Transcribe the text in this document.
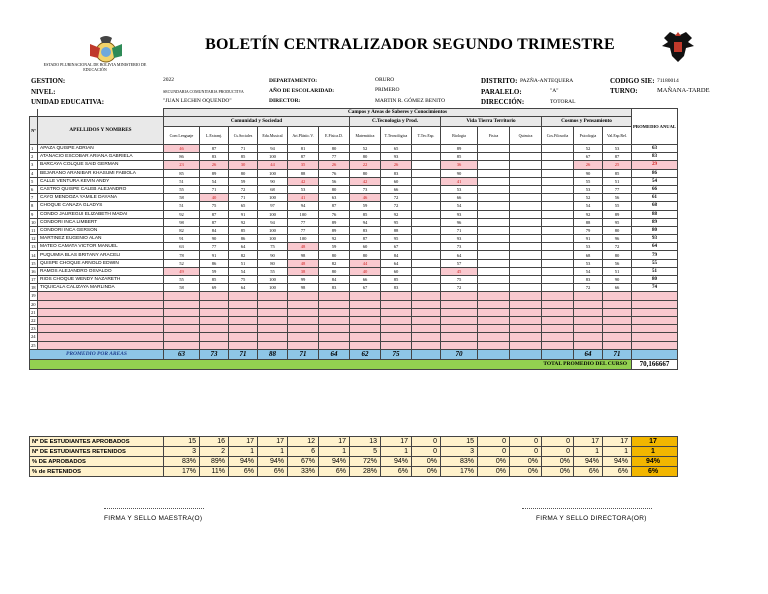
ESTADO PLURINACIONAL DE BOLIVIA MINISTERIO DE EDUCACIÓN
BOLETÍN CENTRALIZADOR SEGUNDO TRIMESTRE
GESTION:	2022
NIVEL:	SECUNDARIA COMUNITARIA PRODUCTIVA
UNIDAD EDUCATIVA:	"JUAN LECHIN OQUENDO"
DEPARTAMENTO:	ORURO
AÑO DE ESCOLARIDAD:	PRIMERO
DIRECTOR:	MARTIN R. GÓMEZ BENITO
DISTRITO: PAZÑA-ANTEQUERA
PARALELO:	"A"
DIRECCIÓN:	TOTORAL
CODIGO SIE: 71180014
TURNO:	MAÑANA-TARDE
		Campos y Areas de Saberes y Conocimientos															PROMEDIO ANUAL
Nº	APELLIDOS Y NOMBRES	Comunidad y Sociedad						C.Tecnologia y Prod.			Vida Tierra Territorio			Cosmos y Pensamiento			
		Com Lenguaje	L.Extranj.	Cs.Sociales	Edu.Musical	Art.Plástic.V.	E.Física.D.	Matemática	T.Tecnológica	T.Tec.Esp.	Biologia	Fisica	Quimica	Cos.Filosofia	Psicologia	Val.Esp.Rel.	
1	APAZA QUISPE ADRIAN	46	87	71	94	81	80	52	65		89				52	53	63
2	ATANACIO ESCOBAR ARIANA GABRIELA	86	83	85	100	87	77	80	93		85				67	87	83
3	BARCAYA COLQUE SAID GERMAN	23	26	30	44	35	26	22	26		36				26	25	29
4	BEJARANO ARANIBAR KHASUMI FABIOLA	85	89	80	100	88	76	80	83		90				90	85	86
5	CALLE VENTURA KEVIN ANDY	51	54	59	90	42	56	42	60		41				55	51	54
6	CASTRO QUISPE CALEB ALEJANDRO	55	71	72	68	53	80	73	66		53				53	77	66
7	CAYO MENDOZA YAMILE DAYANA	58	40	71	100	41	63	46	72		66				52	56	61
8	CHOQUE CANAZA GLADYS	51	75	65	97	94	87	59	72		54				54	55	68
9	CONDO JAUREGUI ELIZABETH MADAI	92	87	91	100	100	76	85	92		93				92	89	88
10	CONDORI INCA LIMBERT	98	87	92	94	77	89	94	95		96				88	95	89
11	CONDORI INCA GERSON	82	84	85	100	77	89	83	88		71				79	80	80
12	MARTINEZ EUGENIO ALAN	91	90	86	100	100	92	87	95		93				91	96	93
13	MATEO CAMATA VICTOR MANUEL	63	77	64	75	48	59	60	67		73				53	72	64
14	PUQUIMIA BLAS BRITANY ARACELI	78	91	82	90	98	80	80	84		64				68	80	79
15	QUISPE CHOQUE ARNOLD EDWIN	52	86	51	80	48	82	44	64		57				53	56	55
16	RAMOS ALEJANDRO OSVALDO	49	59	54	55	38	80	40	60		45				54	51	51
17	RIOS CHOQUE WENDY NAZARETH	55	85	75	100	99	84	66	85		75				83	90	80
18	TIQUICALA CALIZAYA MARLINDA	58	69	64	100	98	83	67	83		72				72	66	74
19																	
20																	
21																	
22																	
23																	
24																	
25																	
PROMEDIO POR AREAS		63	73	71	88	71	64	62	75		70				64	71	
TOTAL PROMEDIO DEL CURSO																	70,166667
Nº DE ESTUDIANTES APROBADOS	15	16	17	17	12	17	13	17	0	15	0	0	0	17	17	17
Nº DE ESTUDIANTES RETENIDOS	3	2	1	1	6	1	5	1	0	3	0	0	0	1	1	1
% DE APROBADOS	83%	89%	94%	94%	67%	94%	72%	94%	0%	83%	0%	0%	0%	94%	94%	94%
% de RETENIDOS	17%	11%	6%	6%	33%	6%	28%	6%	0%	17%	0%	0%	0%	6%	6%	6%
FIRMA Y SELLO MAESTRA(O)	FIRMA Y SELLO DIRECTORA(OR)
